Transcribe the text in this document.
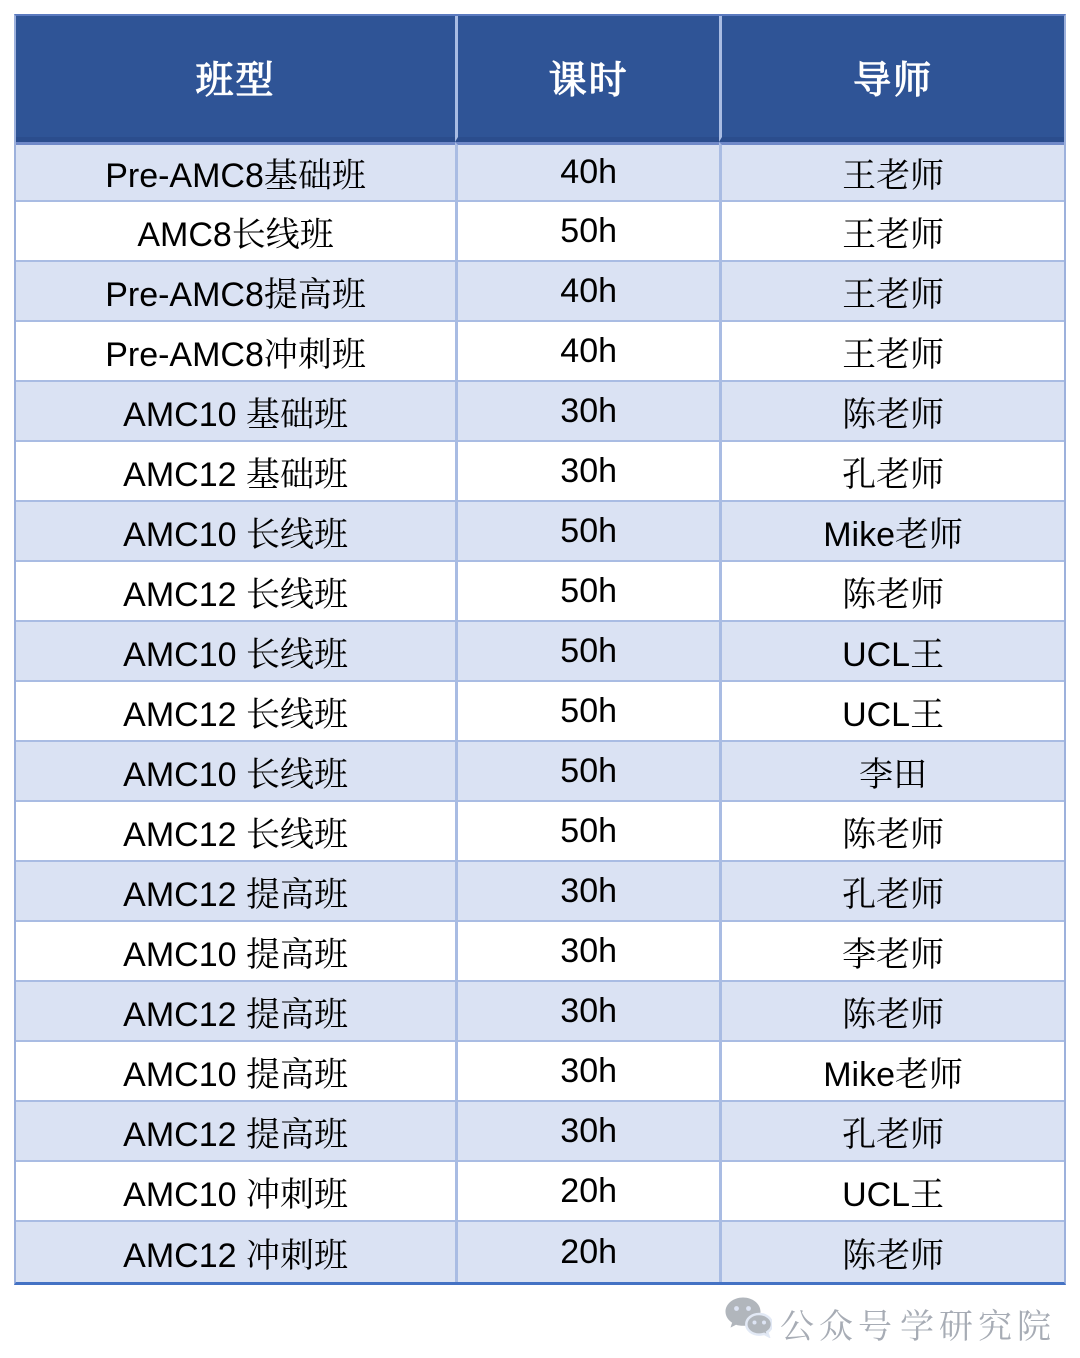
班型	课时	导师
Pre-AMC8基础班	40h	王老师
AMC8长线班	50h	王老师
Pre-AMC8提高班	40h	王老师
Pre-AMC8冲刺班	40h	王老师
AMC10 基础班	30h	陈老师
AMC12 基础班	30h	孔老师
AMC10 长线班	50h	Mike老师
AMC12 长线班	50h	陈老师
AMC10 长线班	50h	UCL王
AMC12 长线班	50h	UCL王
AMC10 长线班	50h	李田
AMC12 长线班	50h	陈老师
AMC12 提高班	30h	孔老师
AMC10 提高班	30h	李老师
AMC12 提高班	30h	陈老师
AMC10 提高班	30h	Mike老师
AMC12 提高班	30h	孔老师
AMC10 冲刺班	20h	UCL王
AMC12 冲刺班	20h	陈老师
公众号 学研究院
